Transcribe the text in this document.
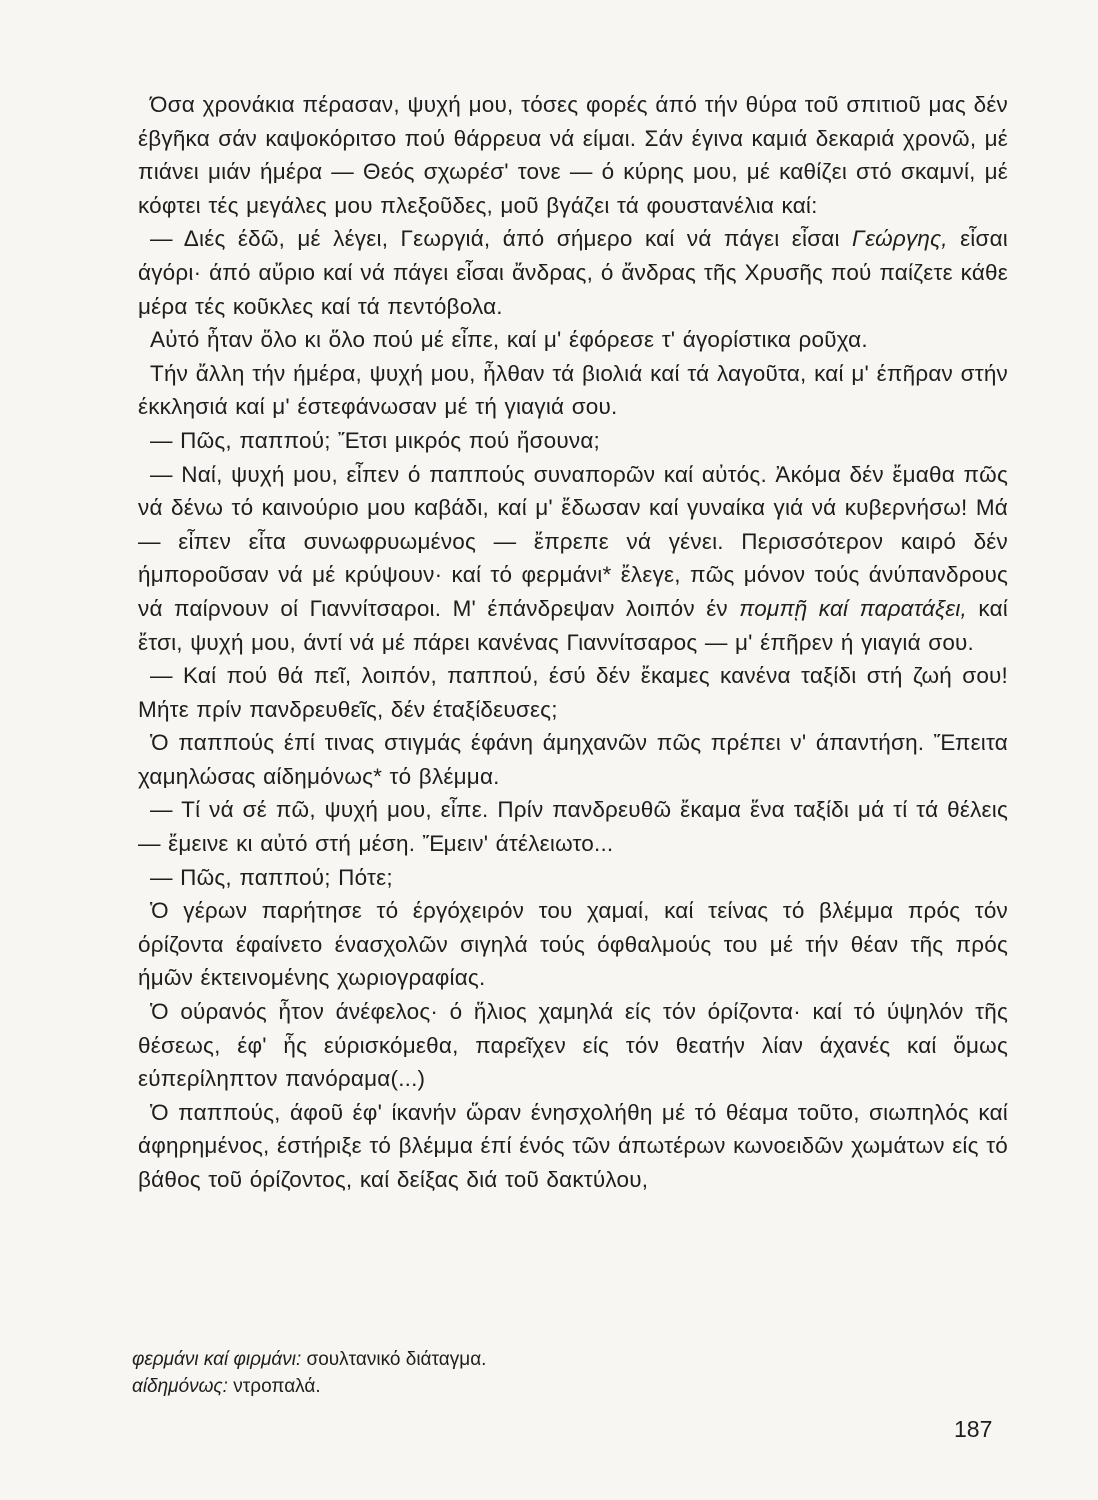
Όσα χρονάκια πέρασαν, ψυχή μου, τόσες φορές άπό τήν θύρα τοῦ σπιτιοῦ μας δέν έβγῆκα σάν καψοκόριτσο πού θάρρευα νά είμαι. Σάν έγινα καμιά δεκαριά χρονῶ, μέ πιάνει μιάν ήμέρα — Θεός σχωρέσ' τονε — ό κύρης μου, μέ καθίζει στό σκαμνί, μέ κόφτει τές μεγάλες μου πλεξοῦδες, μοῦ βγάζει τά φουστανέλια καί:

— Διές έδῶ, μέ λέγει, Γεωργιά, άπό σήμερο καί νά πάγει εἶσαι Γεώργης, εἶσαι άγόρι· άπό αὔριο καί νά πάγει εἶσαι ἄνδρας, ό ἄνδρας τῆς Χρυσῆς πού παίζετε κάθε μέρα τές κοῦκλες καί τά πεντόβολα.

Αὐτό ἦταν ὅλο κι ὅλο πού μέ εἶπε, καί μ' έφόρεσε τ' άγορίστικα ροῦχα.

Τήν ἄλλη τήν ήμέρα, ψυχή μου, ἦλθαν τά βιολιά καί τά λαγοῦτα, καί μ' έπῆραν στήν έκκλησιά καί μ' έστεφάνωσαν μέ τή γιαγιά σου.

— Πῶς, παππού; Ἔτσι μικρός πού ἤσουνα;

— Ναί, ψυχή μου, εἶπεν ό παππούς συναπορῶν καί αὐτός. Ἀκόμα δέν ἔμαθα πῶς νά δένω τό καινούριο μου καβάδι, καί μ' ἔδωσαν καί γυναίκα γιά νά κυβερνήσω! Μά — εἶπεν εἶτα συνωφρυωμένος — ἔπρεπε νά γένει. Περισσότερον καιρό δέν ήμποροῦσαν νά μέ κρύψουν· καί τό φερμάνι* ἔλεγε, πῶς μόνον τούς άνύπανδρους νά παίρνουν οί Γιαννίτσαροι. Μ' έπάνδρεψαν λοιπόν έν πομπῇ καί παρατάξει, καί ἔτσι, ψυχή μου, άντί νά μέ πάρει κανένας Γιαννίτσαρος — μ' έπῆρεν ή γιαγιά σου.

— Καί πού θά πεῖ, λοιπόν, παππού, έσύ δέν ἔκαμες κανένα ταξίδι στή ζωή σου! Μήτε πρίν πανδρευθεῖς, δέν έταξίδευσες;

Ὁ παππούς έπί τινας στιγμάς έφάνη άμηχανῶν πῶς πρέπει ν' άπαντήση. Ἔπειτα χαμηλώσας αίδημόνως* τό βλέμμα.

— Τί νά σέ πῶ, ψυχή μου, εἶπε. Πρίν πανδρευθῶ ἔκαμα ἕνα ταξίδι μά τί τά θέλεις — ἔμεινε κι αὐτό στή μέση. Ἔμειν' άτέλειωτο...

— Πῶς, παππού; Πότε;

Ὁ γέρων παρήτησε τό έργόχειρόν του χαμαί, καί τείνας τό βλέμμα πρός τόν όρίζοντα έφαίνετο ένασχολῶν σιγηλά τούς όφθαλμούς του μέ τήν θέαν τῆς πρός ήμῶν έκτεινομένης χωριογραφίας.

Ὁ ούρανός ἦτον άνέφελος· ό ἥλιος χαμηλά είς τόν όρίζοντα· καί τό ύψηλόν τῆς θέσεως, έφ' ἧς εύρισκόμεθα, παρεῖχεν είς τόν θεατήν λίαν άχανές καί ὅμως εύπερίληπτον πανόραμα(...)

Ὁ παππούς, άφοῦ έφ' ίκανήν ὥραν ένησχολήθη μέ τό θέαμα τοῦτο, σιωπηλός καί άφηρημένος, έστήριξε τό βλέμμα έπί ένός τῶν άπωτέρων κωνοειδῶν χωμάτων είς τό βάθος τοῦ όρίζοντος, καί δείξας διά τοῦ δακτύλου,

φερμάνι καί φιρμάνι: σουλτανικό διάταγμα.
αίδημόνως: ντροπαλά.
187
